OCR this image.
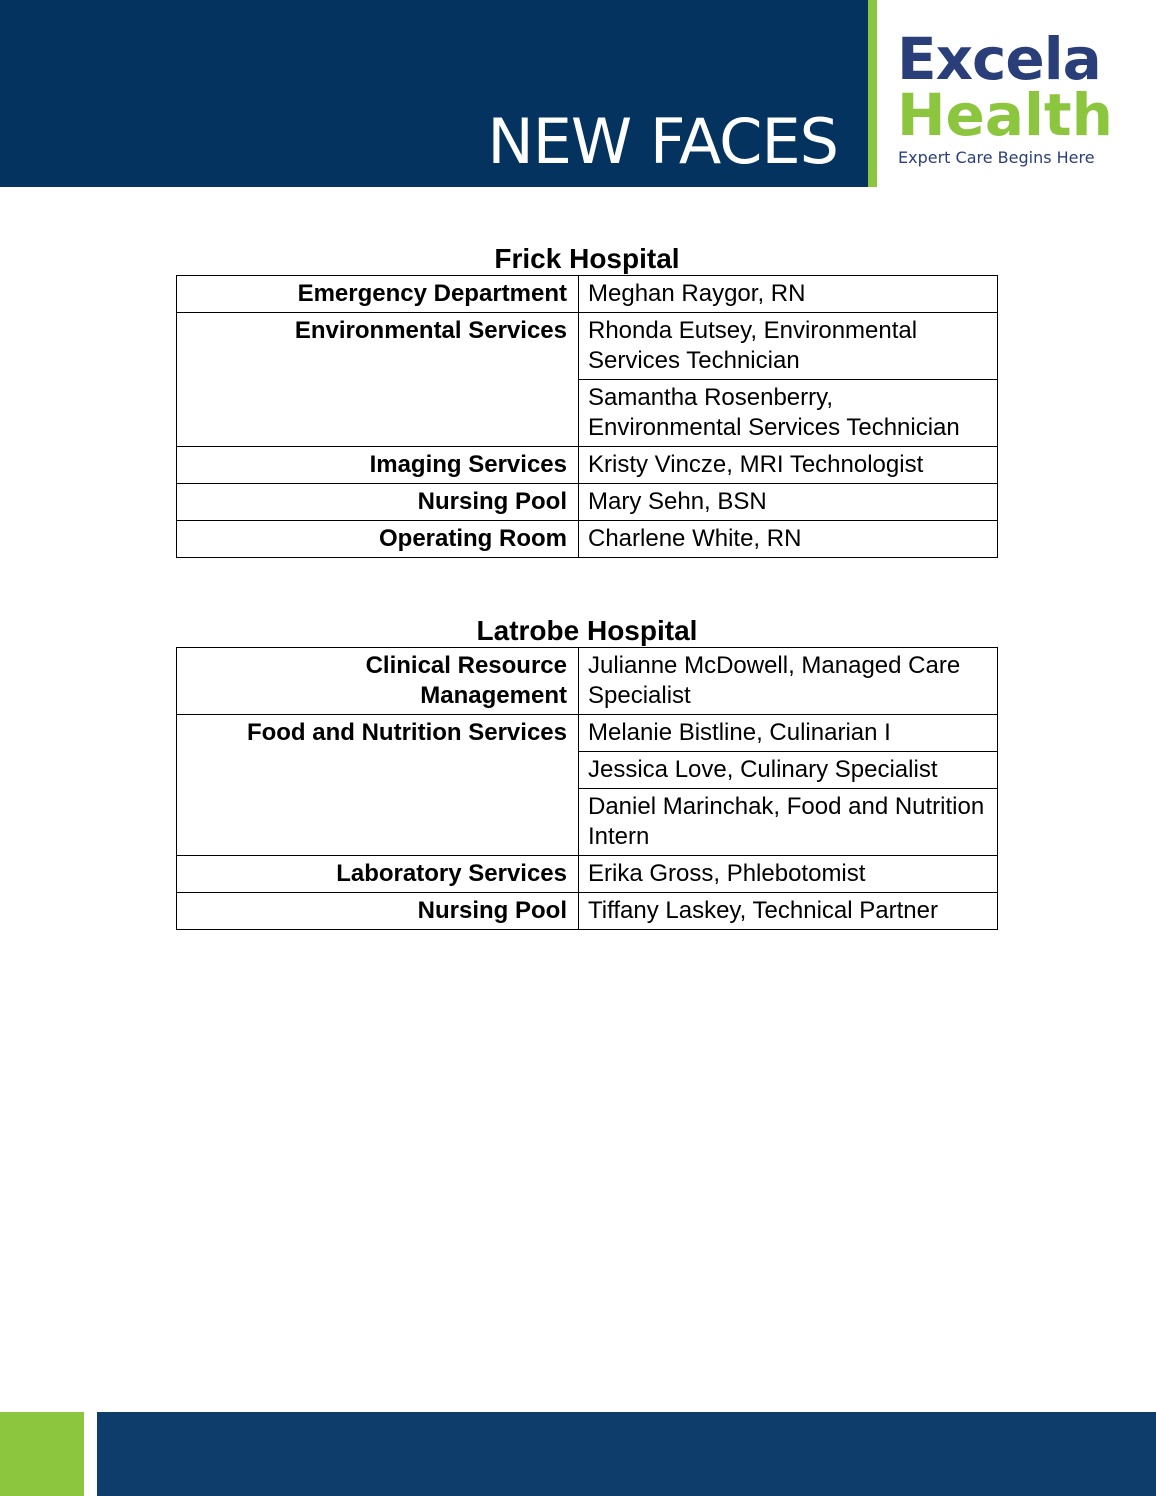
NEW FACES
Excela
Health
Expert Care Begins Here
Frick Hospital
Emergency Department	Meghan Raygor, RN
Environmental Services	Rhonda Eutsey, Environmental Services Technician
	Samantha Rosenberry, Environmental Services Technician
Imaging Services	Kristy Vincze, MRI Technologist
Nursing Pool	Mary Sehn, BSN
Operating Room	Charlene White, RN
Latrobe Hospital
Clinical Resource Management	Julianne McDowell, Managed Care Specialist
Food and Nutrition Services	Melanie Bistline, Culinarian I
	Jessica Love, Culinary Specialist
	Daniel Marinchak, Food and Nutrition Intern
Laboratory Services	Erika Gross, Phlebotomist
Nursing Pool	Tiffany Laskey, Technical Partner
